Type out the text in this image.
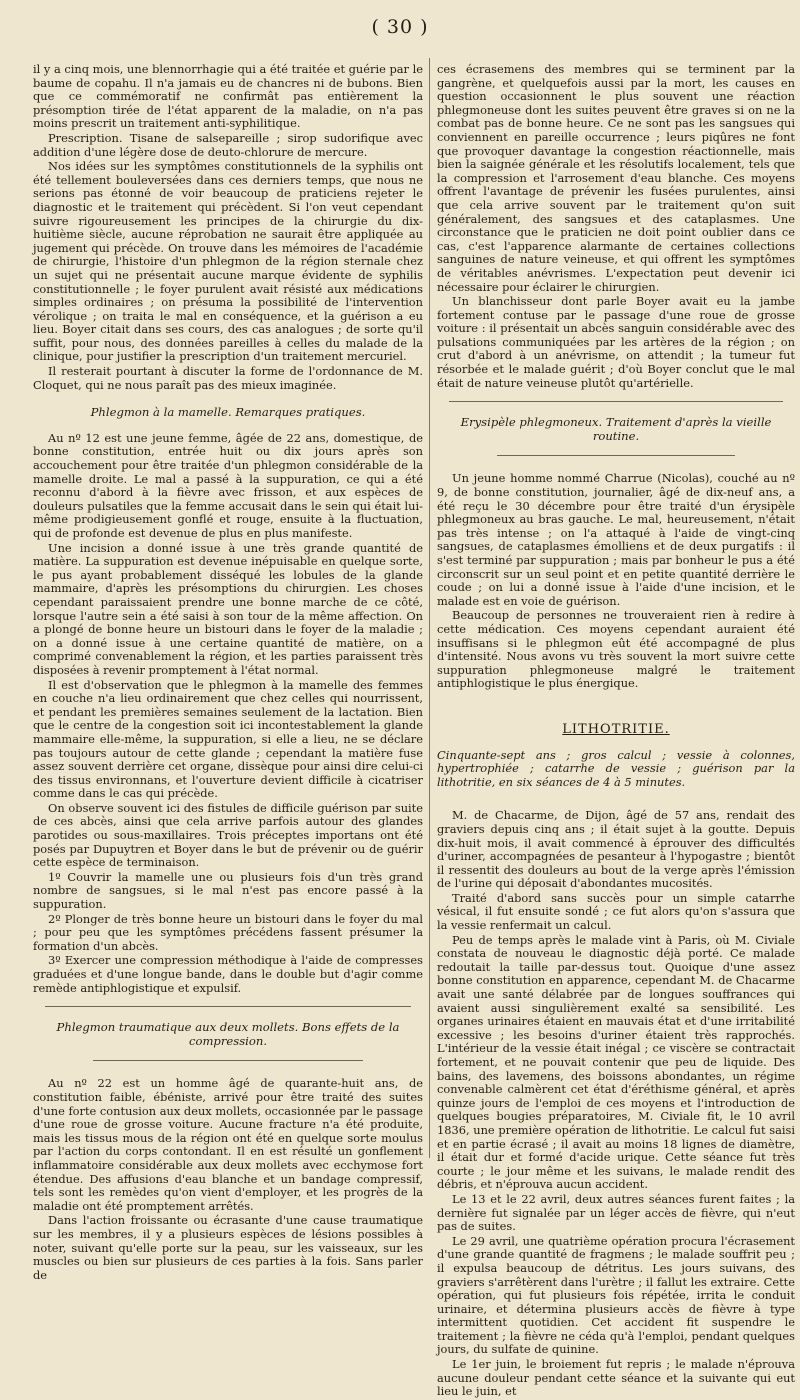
( 30 )

il y a cinq mois, une blennorrhagie qui a été traitée et guérie par le baume de copahu. Il n'a jamais eu de chancres ni de bubons. Bien que ce commémoratif ne confirmât pas entièrement la présomption tirée de l'état apparent de la maladie, on n'a pas moins prescrit un traitement anti-syphilitique.

Prescription. Tisane de salsepareille ; sirop sudorifique avec addition d'une légère dose de deuto-chlorure de mercure.

Nos idées sur les symptômes constitutionnels de la syphilis ont été tellement bouleversées dans ces derniers temps, que nous ne serions pas étonné de voir beaucoup de praticiens rejeter le diagnostic et le traitement qui précèdent. Si l'on veut cependant suivre rigoureusement les principes de la chirurgie du dix-huitième siècle, aucune réprobation ne saurait être appliquée au jugement qui précède. On trouve dans les mémoires de l'académie de chirurgie, l'histoire d'un phlegmon de la région sternale chez un sujet qui ne présentait aucune marque évidente de syphilis constitutionnelle ; le foyer purulent avait résisté aux médications simples ordinaires ; on présuma la possibilité de l'intervention vérolique ; on traita le mal en conséquence, et la guérison a eu lieu. Boyer citait dans ses cours, des cas analogues ; de sorte qu'il suffit, pour nous, des données pareilles à celles du malade de la clinique, pour justifier la prescription d'un traitement mercuriel.

Il resterait pourtant à discuter la forme de l'ordonnance de M. Cloquet, qui ne nous paraît pas des mieux imaginée.

Phlegmon à la mamelle. Remarques pratiques.

Au nº 12 est une jeune femme, âgée de 22 ans, domestique, de bonne constitution, entrée huit ou dix jours après son accouchement pour être traitée d'un phlegmon considérable de la mamelle droite. Le mal a passé à la suppuration, ce qui a été reconnu d'abord à la fièvre avec frisson, et aux espèces de douleurs pulsatiles que la femme accusait dans le sein qui était lui-même prodigieusement gonflé et rouge, ensuite à la fluctuation, qui de profonde est devenue de plus en plus manifeste.

Une incision a donné issue à une très grande quantité de matière. La suppuration est devenue inépuisable en quelque sorte, le pus ayant probablement disséqué les lobules de la glande mammaire, d'après les présomptions du chirurgien. Les choses cependant paraissaient prendre une bonne marche de ce côté, lorsque l'autre sein a été saisi à son tour de la même affection. On a plongé de bonne heure un bistouri dans le foyer de la maladie ; on a donné issue à une certaine quantité de matière, on a comprimé convenablement la région, et les parties paraissent très disposées à revenir promptement à l'état normal.

Il est d'observation que le phlegmon à la mamelle des femmes en couche n'a lieu ordinairement que chez celles qui nourrissent, et pendant les premières semaines seulement de la lactation. Bien que le centre de la congestion soit ici incontestablement la glande mammaire elle-même, la suppuration, si elle a lieu, ne se déclare pas toujours autour de cette glande ; cependant la matière fuse assez souvent derrière cet organe, dissèque pour ainsi dire celui-ci des tissus environnans, et l'ouverture devient difficile à cicatriser comme dans le cas qui précède.

On observe souvent ici des fistules de difficile guérison par suite de ces abcès, ainsi que cela arrive parfois autour des glandes parotides ou sous-maxillaires. Trois préceptes importans ont été posés par Dupuytren et Boyer dans le but de prévenir ou de guérir cette espèce de terminaison.

1º Couvrir la mamelle une ou plusieurs fois d'un très grand nombre de sangsues, si le mal n'est pas encore passé à la suppuration.

2º Plonger de très bonne heure un bistouri dans le foyer du mal ; pour peu que les symptômes précédens fassent présumer la formation d'un abcès.

3º Exercer une compression méthodique à l'aide de compresses graduées et d'une longue bande, dans le double but d'agir comme remède antiphlogistique et expulsif.

Phlegmon traumatique aux deux mollets. Bons effets de la compression.

Au nº 22 est un homme âgé de quarante-huit ans, de constitution faible, ébéniste, arrivé pour être traité des suites d'une forte contusion aux deux mollets, occasionnée par le passage d'une roue de grosse voiture. Aucune fracture n'a été produite, mais les tissus mous de la région ont été en quelque sorte moulus par l'action du corps contondant. Il en est résulté un gonflement inflammatoire considérable aux deux mollets avec ecchymose fort étendue. Des affusions d'eau blanche et un bandage compressif, tels sont les remèdes qu'on vient d'employer, et les progrès de la maladie ont été promptement arrêtés.

Dans l'action froissante ou écrasante d'une cause traumatique sur les membres, il y a plusieurs espèces de lésions possibles à noter, suivant qu'elle porte sur la peau, sur les vaisseaux, sur les muscles ou bien sur plusieurs de ces parties à la fois. Sans parler de

ces écrasemens des membres qui se terminent par la gangrène, et quelquefois aussi par la mort, les causes en question occasionnent le plus souvent une réaction phlegmoneuse dont les suites peuvent être graves si on ne la combat pas de bonne heure. Ce ne sont pas les sangsues qui conviennent en pareille occurrence ; leurs piqûres ne font que provoquer davantage la congestion réactionnelle, mais bien la saignée générale et les résolutifs localement, tels que la compression et l'arrosement d'eau blanche. Ces moyens offrent l'avantage de prévenir les fusées purulentes, ainsi que cela arrive souvent par le traitement qu'on suit généralement, des sangsues et des cataplasmes. Une circonstance que le praticien ne doit point oublier dans ce cas, c'est l'apparence alarmante de certaines collections sanguines de nature veineuse, et qui offrent les symptômes de véritables anévrismes. L'expectation peut devenir ici nécessaire pour éclairer le chirurgien.

Un blanchisseur dont parle Boyer avait eu la jambe fortement contuse par le passage d'une roue de grosse voiture : il présentait un abcès sanguin considérable avec des pulsations communiquées par les artères de la région ; on crut d'abord à un anévrisme, on attendit ; la tumeur fut résorbée et le malade guérit ; d'où Boyer conclut que le mal était de nature veineuse plutôt qu'artérielle.

Erysipèle phlegmoneux. Traitement d'après la vieille routine.

Un jeune homme nommé Charrue (Nicolas), couché au nº 9, de bonne constitution, journalier, âgé de dix-neuf ans, a été reçu le 30 décembre pour être traité d'un érysipèle phlegmoneux au bras gauche. Le mal, heureusement, n'était pas très intense ; on l'a attaqué à l'aide de vingt-cinq sangsues, de cataplasmes émolliens et de deux purgatifs : il s'est terminé par suppuration ; mais par bonheur le pus a été circonscrit sur un seul point et en petite quantité derrière le coude ; on lui a donné issue à l'aide d'une incision, et le malade est en voie de guérison.

Beaucoup de personnes ne trouveraient rien à redire à cette médication. Ces moyens cependant auraient été insuffisans si le phlegmon eût été accompagné de plus d'intensité. Nous avons vu très souvent la mort suivre cette suppuration phlegmoneuse malgré le traitement antiphlogistique le plus énergique.

LITHOTRITIE.

Cinquante-sept ans ; gros calcul ; vessie à colonnes, hypertrophiée ; catarrhe de vessie ; guérison par la lithotritie, en six séances de 4 à 5 minutes.

M. de Chacarme, de Dijon, âgé de 57 ans, rendait des graviers depuis cinq ans ; il était sujet à la goutte. Depuis dix-huit mois, il avait commencé à éprouver des difficultés d'uriner, accompagnées de pesanteur à l'hypogastre ; bientôt il ressentit des douleurs au bout de la verge après l'émission de l'urine qui déposait d'abondantes mucosités.

Traité d'abord sans succès pour un simple catarrhe vésical, il fut ensuite sondé ; ce fut alors qu'on s'assura que la vessie renfermait un calcul.

Peu de temps après le malade vint à Paris, où M. Civiale constata de nouveau le diagnostic déjà porté. Ce malade redoutait la taille par-dessus tout. Quoique d'une assez bonne constitution en apparence, cependant M. de Chacarme avait une santé délabrée par de longues souffrances qui avaient aussi singulièrement exalté sa sensibilité. Les organes urinaires étaient en mauvais état et d'une irritabilité excessive ; les besoins d'uriner étaient très rapprochés. L'intérieur de la vessie était inégal ; ce viscère se contractait fortement, et ne pouvait contenir que peu de liquide. Des bains, des lavemens, des boissons abondantes, un régime convenable calmèrent cet état d'éréthisme général, et après quinze jours de l'emploi de ces moyens et l'introduction de quelques bougies préparatoires, M. Civiale fit, le 10 avril 1836, une première opération de lithotritie. Le calcul fut saisi et en partie écrasé ; il avait au moins 18 lignes de diamètre, il était dur et formé d'acide urique. Cette séance fut très courte ; le jour même et les suivans, le malade rendit des débris, et n'éprouva aucun accident.

Le 13 et le 22 avril, deux autres séances furent faites ; la dernière fut signalée par un léger accès de fièvre, qui n'eut pas de suites.

Le 29 avril, une quatrième opération procura l'écrasement d'une grande quantité de fragmens ; le malade souffrit peu ; il expulsa beaucoup de détritus. Les jours suivans, des graviers s'arrêtèrent dans l'urètre ; il fallut les extraire. Cette opération, qui fut plusieurs fois répétée, irrita le conduit urinaire, et détermina plusieurs accès de fièvre à type intermittent quotidien. Cet accident fit suspendre le traitement ; la fièvre ne céda qu'à l'emploi, pendant quelques jours, du sulfate de quinine.

Le 1er juin, le broiement fut repris ; le malade n'éprouva aucune douleur pendant cette séance et la suivante qui eut lieu le juin, et
